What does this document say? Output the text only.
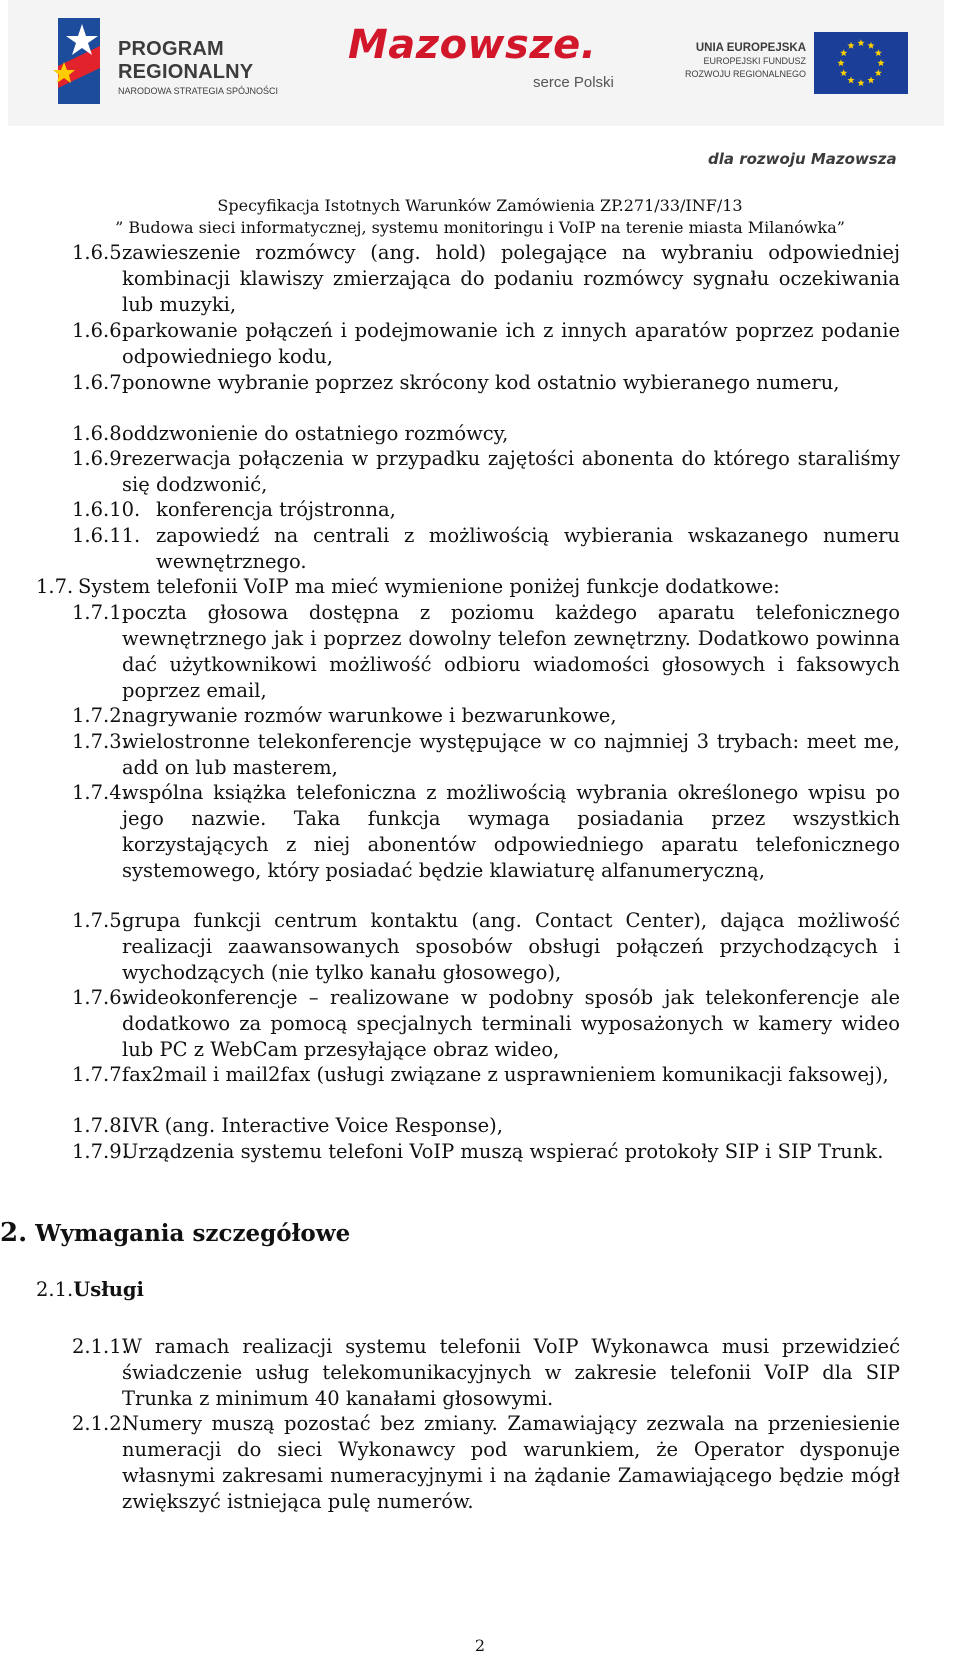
PROGRAM
REGIONALNY
NARODOWA STRATEGIA SPÓJNOŚCI
Mazowsze.
serce Polski
UNIA EUROPEJSKA
EUROPEJSKI FUNDUSZ
ROZWOJU REGIONALNEGO
dla rozwoju Mazowsza
Specyfikacja Istotnych Warunków Zamówienia ZP.271/33/INF/13
” Budowa sieci informatycznej, systemu monitoringu i VoIP na terenie miasta Milanówka”
1.6.5.
zawieszenie rozmówcy (ang. hold) polegające na wybraniu odpowiedniej kombinacji klawiszy zmierzająca do podaniu rozmówcy sygnału oczekiwania lub muzyki,
1.6.6.
parkowanie połączeń i podejmowanie ich z innych aparatów poprzez podanie odpowiedniego kodu,
1.6.7.
ponowne wybranie poprzez skrócony kod ostatnio wybieranego numeru,
1.6.8.
oddzwonienie do ostatniego rozmówcy,
1.6.9.
rezerwacja połączenia w przypadku zajętości abonenta do którego staraliśmy się dodzwonić,
1.6.10. konferencja trójstronna,
1.6.11. zapowiedź na centrali z możliwością wybierania wskazanego numeru wewnętrznego.
1.7. System telefonii VoIP ma mieć wymienione poniżej funkcje dodatkowe:
1.7.1.
poczta głosowa dostępna z poziomu każdego aparatu telefonicznego wewnętrznego jak i poprzez dowolny telefon zewnętrzny. Dodatkowo powinna dać użytkownikowi możliwość odbioru wiadomości głosowych i faksowych poprzez email,
1.7.2.
nagrywanie rozmów warunkowe i bezwarunkowe,
1.7.3.
wielostronne telekonferencje występujące w co najmniej 3 trybach: meet me, add on lub masterem,
1.7.4.
wspólna książka telefoniczna z możliwością wybrania określonego wpisu po jego nazwie. Taka funkcja wymaga posiadania przez wszystkich korzystających z niej abonentów odpowiedniego aparatu telefonicznego systemowego, który posiadać będzie klawiaturę alfanumeryczną,
1.7.5.
grupa funkcji centrum kontaktu (ang. Contact Center), dająca możliwość realizacji zaawansowanych sposobów obsługi połączeń przychodzących i wychodzących (nie tylko kanału głosowego),
1.7.6.
wideokonferencje – realizowane w podobny sposób jak telekonferencje ale dodatkowo za pomocą specjalnych terminali wyposażonych w kamery wideo lub PC z WebCam przesyłające obraz wideo,
1.7.7.
fax2mail i mail2fax (usługi związane z usprawnieniem komunikacji faksowej),
1.7.8.
IVR (ang. Interactive Voice Response),
1.7.9.
Urządzenia systemu telefoni VoIP muszą wspierać protokoły SIP i SIP Trunk.
2.1.1.
W ramach realizacji systemu telefonii VoIP Wykonawca musi przewidzieć świadczenie usług telekomunikacyjnych w zakresie telefonii VoIP dla SIP Trunka z minimum 40 kanałami głosowymi.
2.1.2.
Numery muszą pozostać bez zmiany. Zamawiający zezwala na przeniesienie numeracji do sieci Wykonawcy pod warunkiem, że Operator dysponuje własnymi zakresami numeracyjnymi i na żądanie Zamawiającego będzie mógł zwiększyć istniejąca pulę numerów.
2. Wymagania szczegółowe
2.1.Usługi
2
